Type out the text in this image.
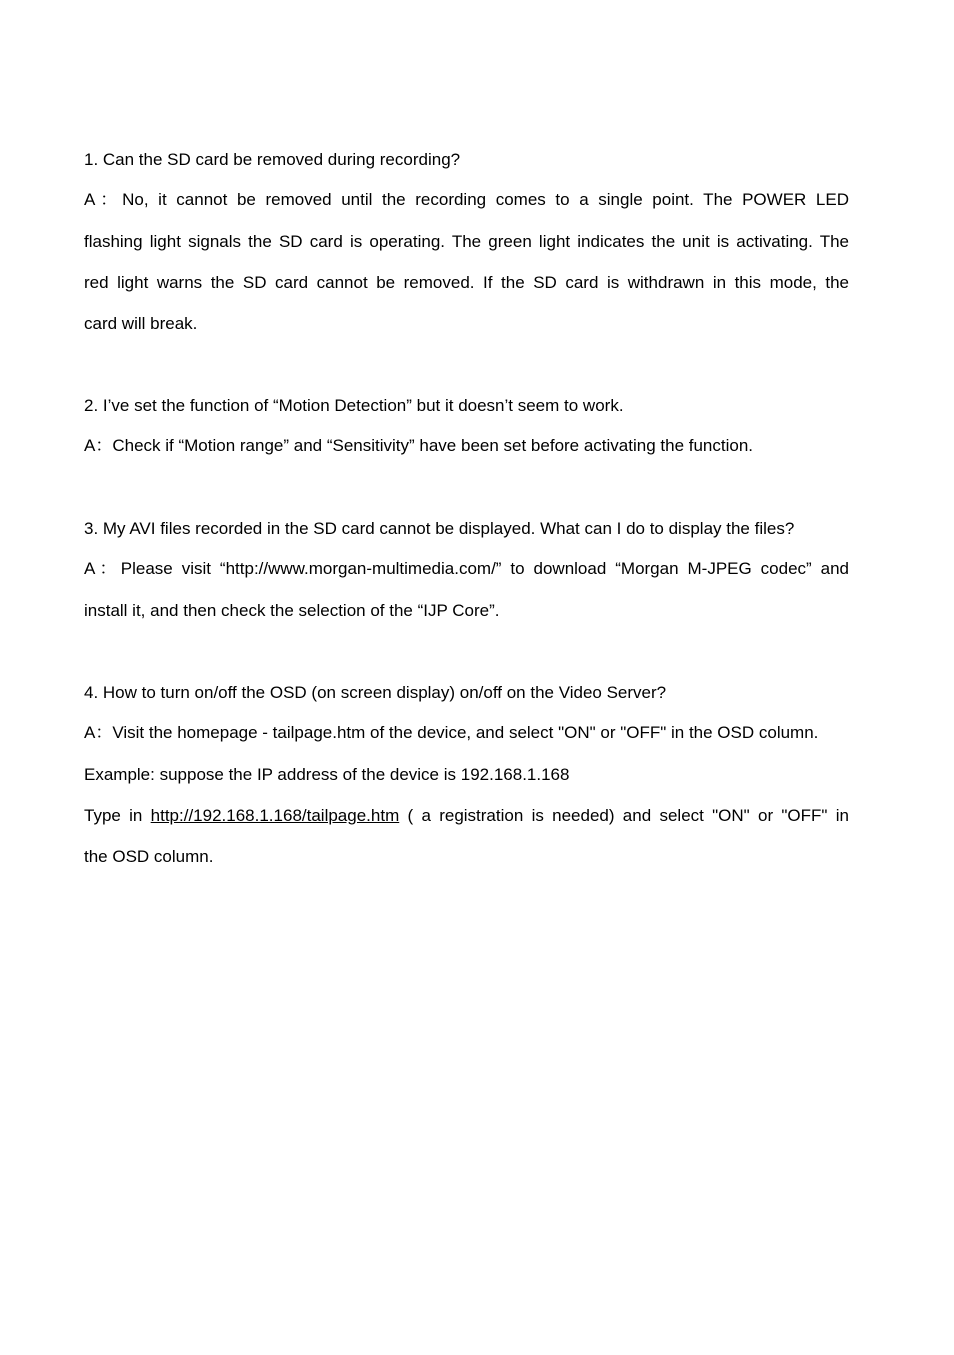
1. Can the SD card be removed during recording?
A：No, it cannot be removed until the recording comes to a single point. The POWER LED
flashing light signals the SD card is operating. The green light indicates the unit is activating. The
red light warns the SD card cannot be removed. If the SD card is withdrawn in this mode, the
card will break.
2. I’ve set the function of “Motion Detection” but it doesn’t seem to work.
A：Check if “Motion range” and “Sensitivity” have been set before activating the function.
3. My AVI files recorded in the SD card cannot be displayed. What can I do to display the files?
A：Please visit “http://www.morgan-multimedia.com/” to download “Morgan M-JPEG codec” and
install it, and then check the selection of the “IJP Core”.
4. How to turn on/off the OSD (on screen display) on/off on the Video Server?
A：Visit the homepage - tailpage.htm of the device, and select "ON" or "OFF" in the OSD column.
Example: suppose the IP address of the device is 192.168.1.168
Type in http://192.168.1.168/tailpage.htm ( a registration is needed) and select "ON" or "OFF" in
the OSD column.
